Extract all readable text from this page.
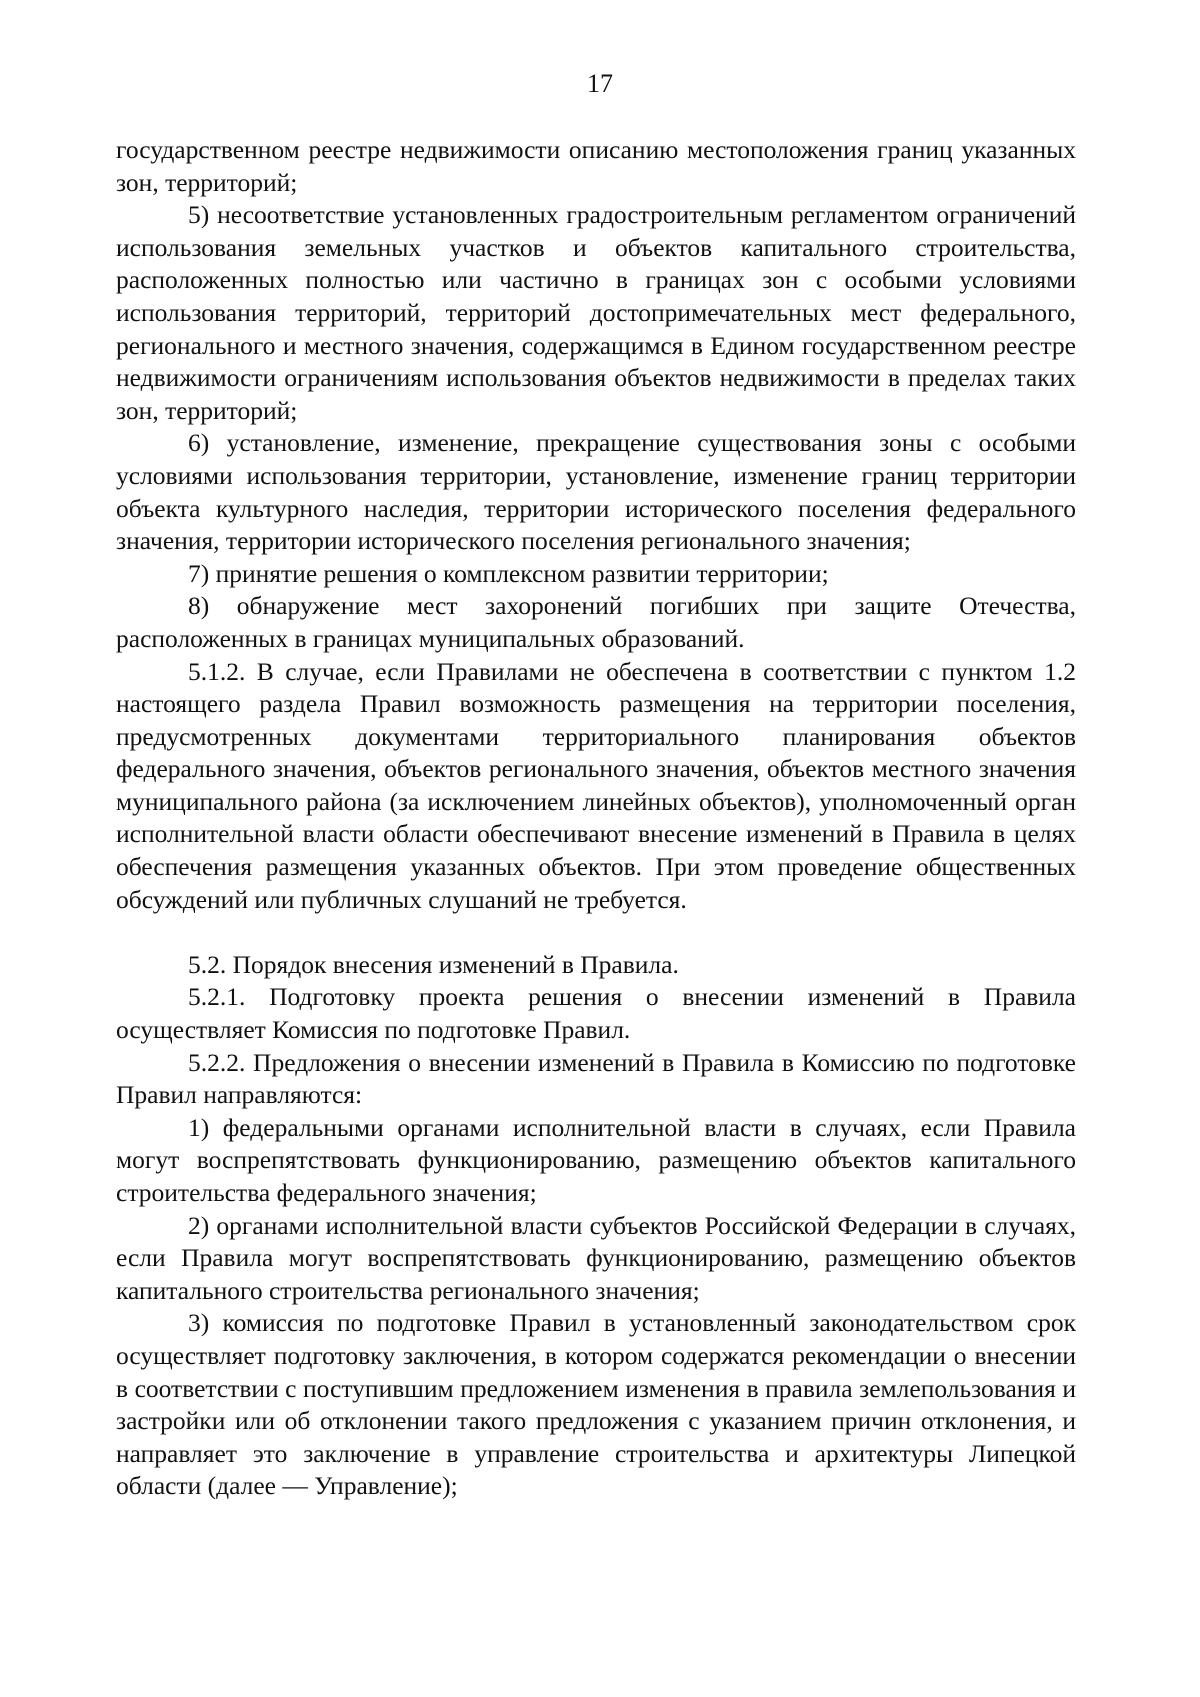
17

государственном реестре недвижимости описанию местоположения границ указанных зон, территорий;

5) несоответствие установленных градостроительным регламентом ограничений использования земельных участков и объектов капитального строительства, расположенных полностью или частично в границах зон с особыми условиями использования территорий, территорий достопримечательных мест федерального, регионального и местного значения, содержащимся в Едином государственном реестре недвижимости ограничениям использования объектов недвижимости в пределах таких зон, территорий;

6) установление, изменение, прекращение существования зоны с особыми условиями использования территории, установление, изменение границ территории объекта культурного наследия, территории исторического поселения федерального значения, территории исторического поселения регионального значения;

7) принятие решения о комплексном развитии территории;

8) обнаружение мест захоронений погибших при защите Отечества, расположенных в границах муниципальных образований.

5.1.2. В случае, если Правилами не обеспечена в соответствии с пунктом 1.2 настоящего раздела Правил возможность размещения на территории поселения, предусмотренных документами территориального планирования объектов федерального значения, объектов регионального значения, объектов местного значения муниципального района (за исключением линейных объектов), уполномоченный орган исполнительной власти области обеспечивают внесение изменений в Правила в целях обеспечения размещения указанных объектов. При этом проведение общественных обсуждений или публичных слушаний не требуется.

5.2. Порядок внесения изменений в Правила.

5.2.1. Подготовку проекта решения о внесении изменений в Правила осуществляет Комиссия по подготовке Правил.

5.2.2. Предложения о внесении изменений в Правила в Комиссию по подготовке Правил направляются:

1) федеральными органами исполнительной власти в случаях, если Правила могут воспрепятствовать функционированию, размещению объектов капитального строительства федерального значения;

2) органами исполнительной власти субъектов Российской Федерации в случаях, если Правила могут воспрепятствовать функционированию, размещению объектов капитального строительства регионального значения;

3) комиссия по подготовке Правил в установленный законодательством срок осуществляет подготовку заключения, в котором содержатся рекомендации о внесении в соответствии с поступившим предложением изменения в правила землепользования и застройки или об отклонении такого предложения с указанием причин отклонения, и направляет это заключение в управление строительства и архитектуры Липецкой области (далее — Управление);
